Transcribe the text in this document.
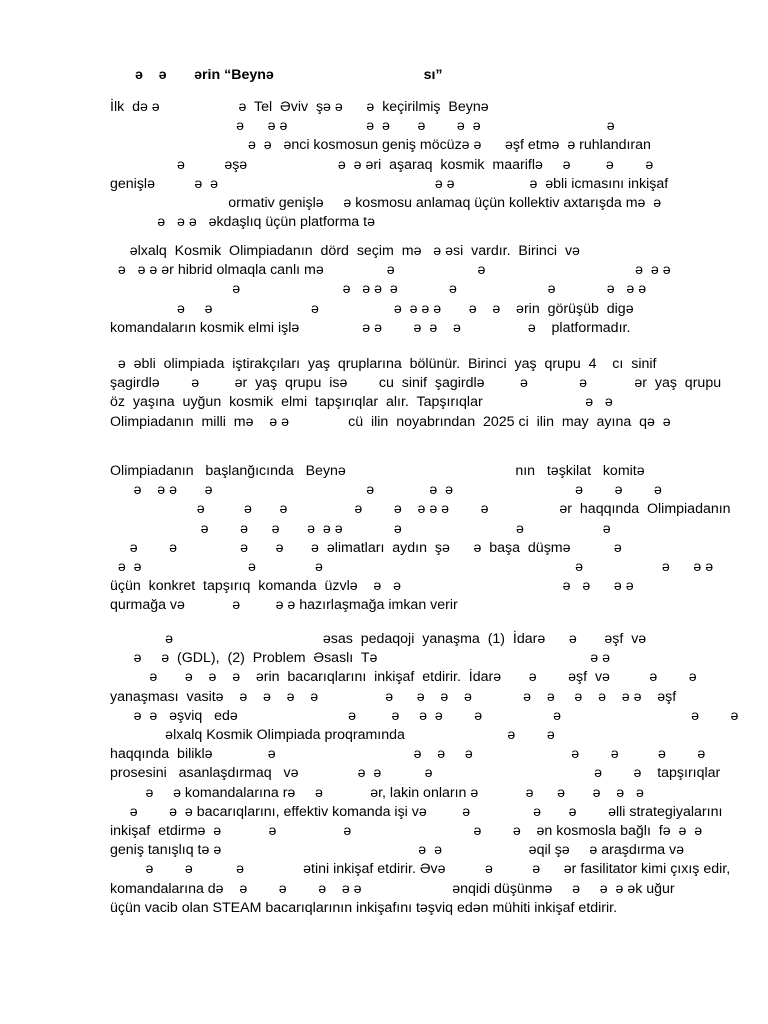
ə    ə       ərin “Beynə                                      sı”
İlk  də ə                    ə  Tel  Əviv  şə ə      ə  keçirilmiş  Beynə
ə      ə ə                    ə  ə       ə        ə  ə                                ə
ə  ə   ənci kosmosun geniş möcüzə ə      əşf etmə  ə ruhlandıran
ə          əşə                       ə  ə əri  aşaraq  kosmik  maariflə     ə         ə        ə
genişlə          ə  ə                                                       ə ə                   ə  əbli icmasını inkişaf
ormativ genişlə     ə kosmosu anlamaq üçün kollektiv axtarışda mə  ə
ə   ə ə   əkdaşlıq üçün platforma tə
əlxalq  Kosmik  Olimpiadanın  dörd  seçim  mə   ə əsi  vardır.  Birinci  və
ə   ə ə ər hibrid olmaqla canlı mə                ə                     ə                                      ə  ə ə
ə                          ə   ə ə  ə             ə                       ə             ə   ə ə
ə     ə                         ə                   ə  ə ə ə       ə    ə    ərin  görüşüb  digə
komandaların kosmik elmi işlə                ə ə        ə  ə    ə                 ə    platformadır.
ə  əbli  olimpiada  iştirakçıları  yaş  qruplarına  bölünür.  Birinci  yaş  qrupu  4    cı  sinif
şagirdlə        ə         ər  yaş  qrupu  isə        cu  sinif  şagirdlə         ə             ə            ər  yaş  qrupu
öz  yaşına  uyğun  kosmik  elmi  tapşırıqlar  alır.  Tapşırıqlar                          ə   ə
Olimpiadanın  milli  mə    ə ə               cü  ilin  noyabrından  2025 ci  ilin  may  ayına  qə  ə
Olimpiadanın   başlanğıcında   Beynə                                           nın   təşkilat   komitə
ə    ə ə       ə                                       ə              ə  ə                               ə        ə        ə
ə          ə       ə                 ə        ə    ə ə ə        ə                  ər  haqqında  Olimpiadanın
ə        ə      ə       ə  ə ə             ə                             ə                    ə
ə        ə                ə       ə       ə  əlimatları  aydın  şə      ə  başa  düşmə           ə
ə  ə                           ə               ə                                                                ə                    ə      ə ə
üçün  konkret  tapşırıq  komanda  üzvlə    ə   ə                                         ə   ə      ə ə
qurmağa və            ə         ə ə hazırlaşmağa imkan verir
ə                                      əsas  pedaqoji  yanaşma  (1)  İdarə      ə       əşf  və
ə     ə  (GDL),  (2)  Problem  Əsaslı  Tə                                                      ə ə
ə       ə    ə    ə    ərin  bacarıqlarını  inkişaf  etdirir.  İdarə       ə        əşf  və          ə        ə
yanaşması  vasitə    ə    ə    ə    ə                 ə      ə    ə    ə             ə    ə     ə    ə    ə ə    əşf
ə  ə   əşviq   edə                            ə         ə     ə  ə        ə                  ə                                 ə        ə
əlxalq Kosmik Olimpiada proqramında                          ə        ə
haqqında  biliklə              ə                                   ə    ə     ə                         ə        ə          ə        ə
prosesini   asanlaşdırmaq   və               ə  ə           ə                                         ə        ə    tapşırıqlar
ə     ə komandalarına rə     ə            ər, lakin onların ə            ə      ə       ə    ə   ə
ə        ə  ə bacarıqlarını, effektiv komanda işi və         ə                ə       ə        əlli strategiyalarını
inkişaf  etdirmə  ə            ə                 ə                               ə        ə    ən kosmosla bağlı  fə  ə  ə
geniş tanışlıq tə ə                                                  ə  ə                      əqil şə     ə araşdırma və
ə        ə           ə               ətini inkişaf etdirir. Əvə          ə          ə      ər fasilitator kimi çıxış edir,
komandalarına də    ə        ə        ə    ə ə                       ənqidi düşünmə     ə     ə  ə ək uğur
üçün vacib olan STEAM bacarıqlarının inkişafını təşviq edən mühiti inkişaf etdirir.
